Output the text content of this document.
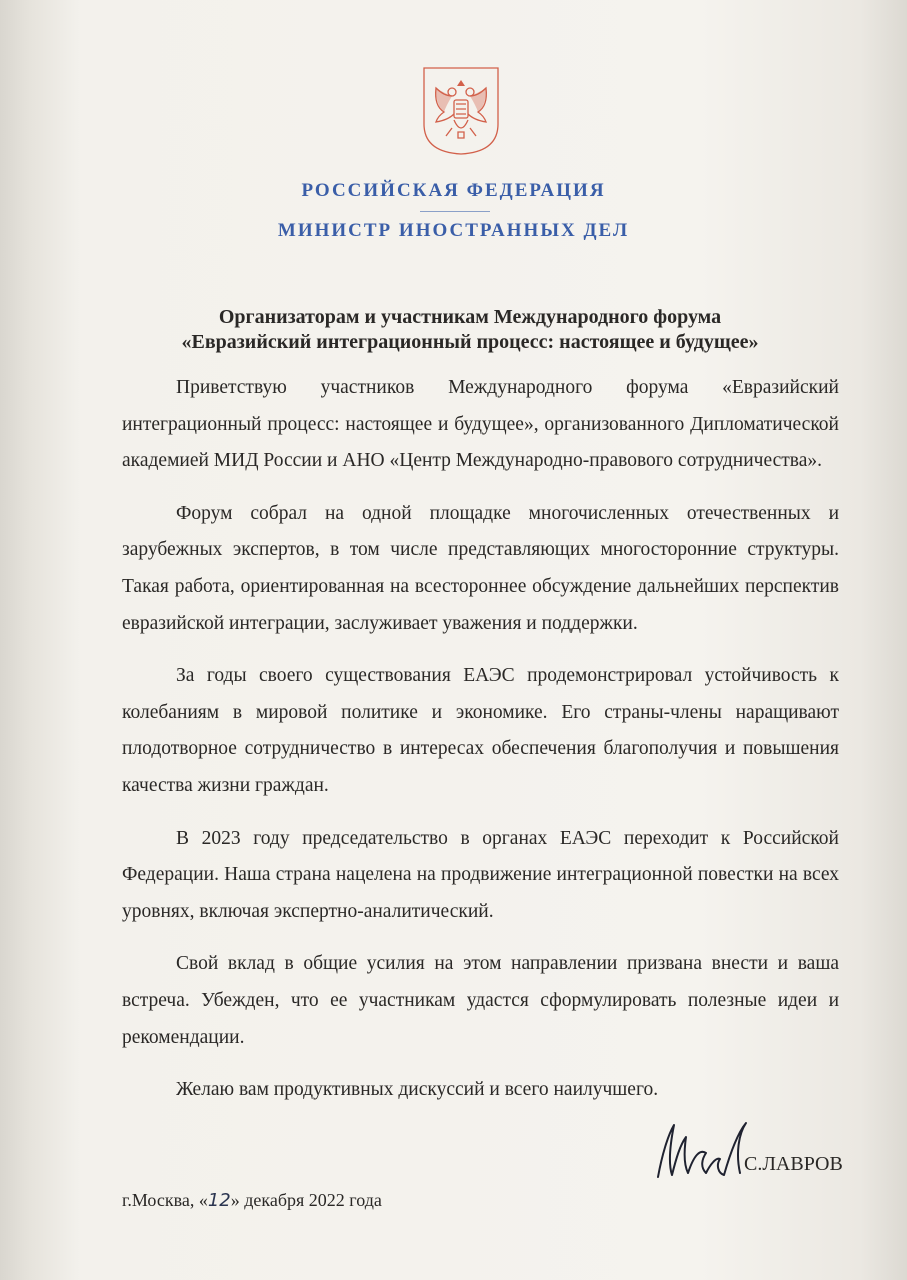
РОССИЙСКАЯ ФЕДЕРАЦИЯ
МИНИСТР ИНОСТРАННЫХ ДЕЛ
Организаторам и участникам Международного форума
«Евразийский интеграционный процесс: настоящее и будущее»

Приветствую участников Международного форума «Евразийский интеграционный процесс: настоящее и будущее», организованного Дипломатической академией МИД России и АНО «Центр Международно-правового сотрудничества».

Форум собрал на одной площадке многочисленных отечественных и зарубежных экспертов, в том числе представляющих многосторонние структуры. Такая работа, ориентированная на всестороннее обсуждение дальнейших перспектив евразийской интеграции, заслуживает уважения и поддержки.

За годы своего существования ЕАЭС продемонстрировал устойчивость к колебаниям в мировой политике и экономике. Его страны-члены наращивают плодотворное сотрудничество в интересах обеспечения благополучия и повышения качества жизни граждан.

В 2023 году председательство в органах ЕАЭС переходит к Российской Федерации. Наша страна нацелена на продвижение интеграционной повестки на всех уровнях, включая экспертно-аналитический.

Свой вклад в общие усилия на этом направлении призвана внести и ваша встреча. Убежден, что ее участникам удастся сформулировать полезные идеи и рекомендации.

Желаю вам продуктивных дискуссий и всего наилучшего.

С.ЛАВРОВ
г.Москва, «12» декабря 2022 года
